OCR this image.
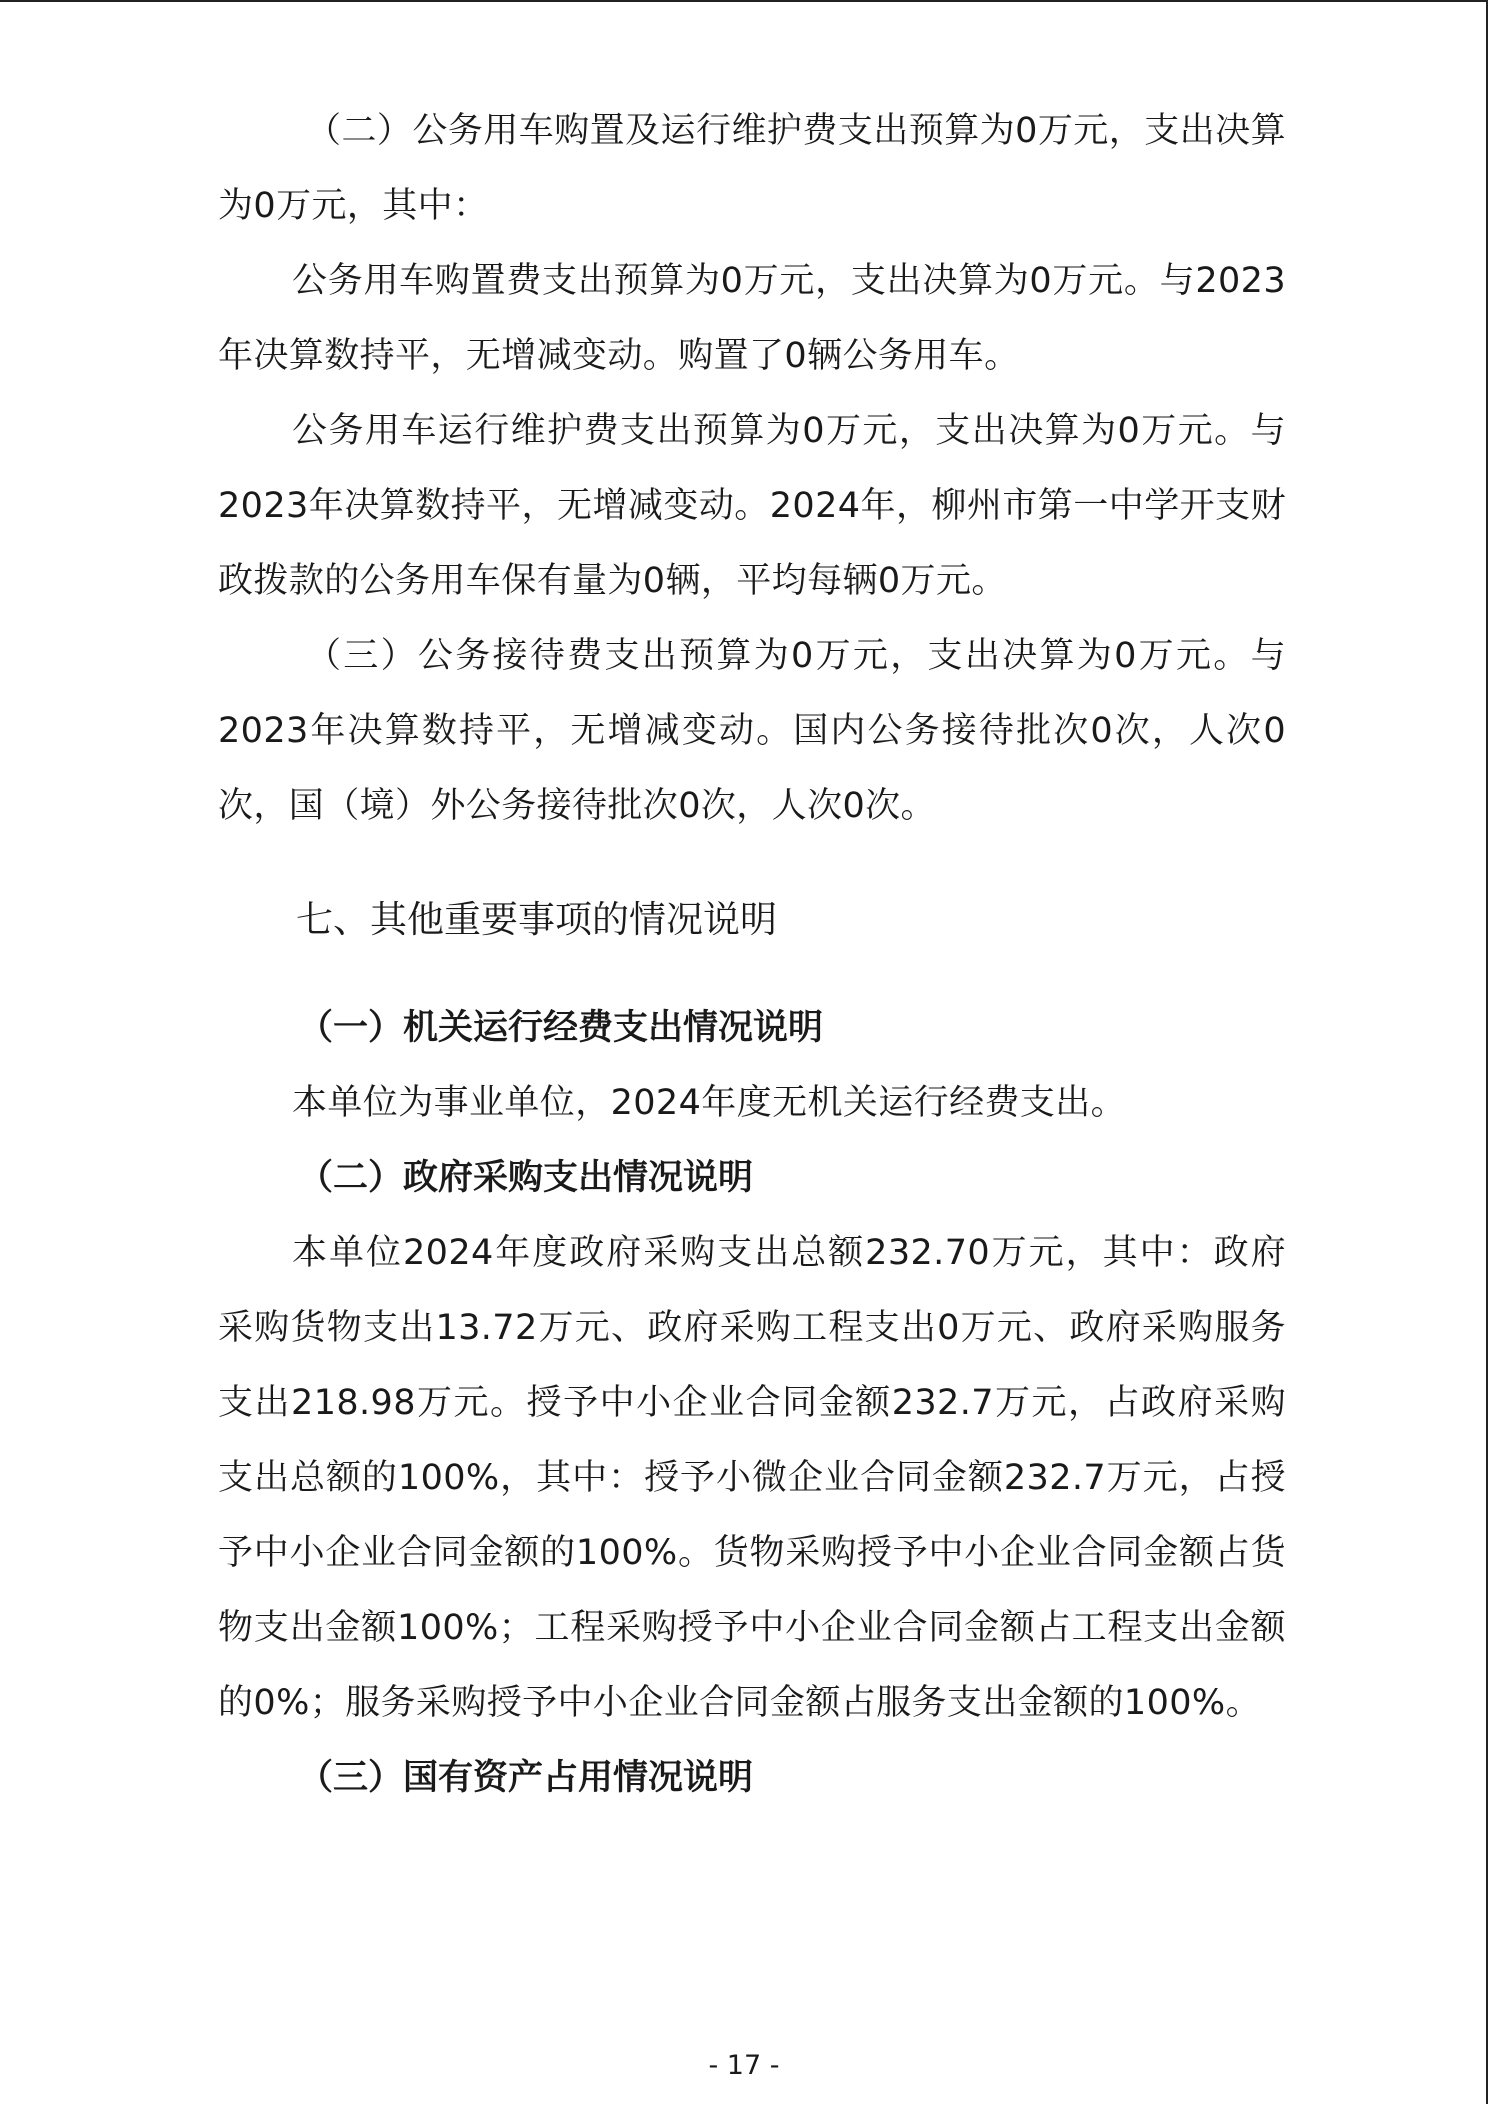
（二）公务用车购置及运行维护费支出预算为0万元，支出决算为0万元，其中：

公务用车购置费支出预算为0万元，支出决算为0万元。与2023年决算数持平，无增减变动。购置了0辆公务用车。

公务用车运行维护费支出预算为0万元，支出决算为0万元。与2023年决算数持平，无增减变动。2024年，柳州市第一中学开支财政拨款的公务用车保有量为0辆，平均每辆0万元。

（三）公务接待费支出预算为0万元，支出决算为0万元。与2023年决算数持平，无增减变动。国内公务接待批次0次，人次0次，国（境）外公务接待批次0次，人次0次。

七、其他重要事项的情况说明
（一）机关运行经费支出情况说明

本单位为事业单位，2024年度无机关运行经费支出。

（二）政府采购支出情况说明

本单位2024年度政府采购支出总额232.70万元，其中：政府采购货物支出13.72万元、政府采购工程支出0万元、政府采购服务支出218.98万元。授予中小企业合同金额232.7万元，占政府采购支出总额的100%，其中：授予小微企业合同金额232.7万元，占授予中小企业合同金额的100%。货物采购授予中小企业合同金额占货物支出金额100%；工程采购授予中小企业合同金额占工程支出金额的0%；服务采购授予中小企业合同金额占服务支出金额的100%。

（三）国有资产占用情况说明
- 17 -
